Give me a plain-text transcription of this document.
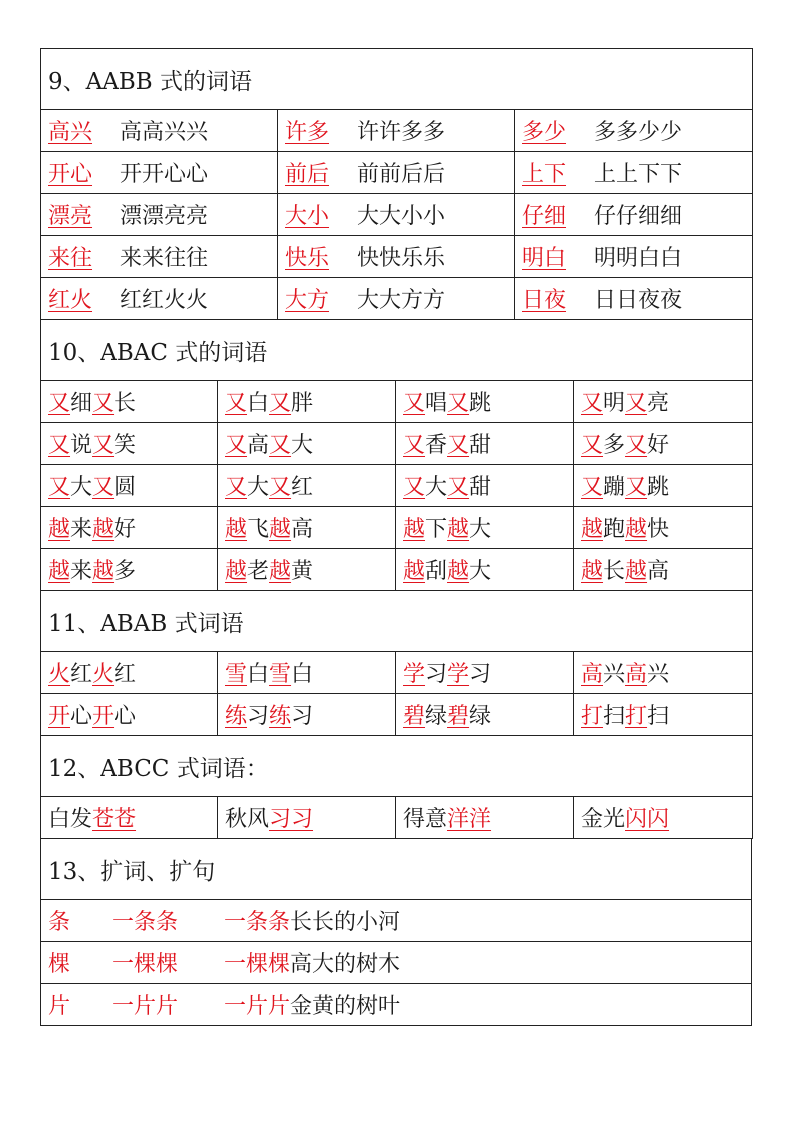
9、AABB 式的词语		
高兴 高高兴兴	许多 许许多多	多少 多多少少
开心 开开心心	前后 前前后后	上下 上上下下
漂亮 漂漂亮亮	大小 大大小小	仔细 仔仔细细
来往 来来往往	快乐 快快乐乐	明白 明明白白
红火 红红火火	大方 大大方方	日夜 日日夜夜
10、ABAC 式的词语			
又细又长	又白又胖	又唱又跳	又明又亮
又说又笑	又高又大	又香又甜	又多又好
又大又圆	又大又红	又大又甜	又蹦又跳
越来越好	越飞越高	越下越大	越跑越快
越来越多	越老越黄	越刮越大	越长越高
11、ABAB 式词语			
火红火红	雪白雪白	学习学习	高兴高兴
开心开心	练习练习	碧绿碧绿	打扫打扫
12、ABCC 式词语：
白发苍苍	秋风习习	得意洋洋	金光闪闪
13、扩词、扩句
条 一条条 一条条长长的小河
棵 一棵棵 一棵棵高大的树木
片 一片片 一片片金黄的树叶
